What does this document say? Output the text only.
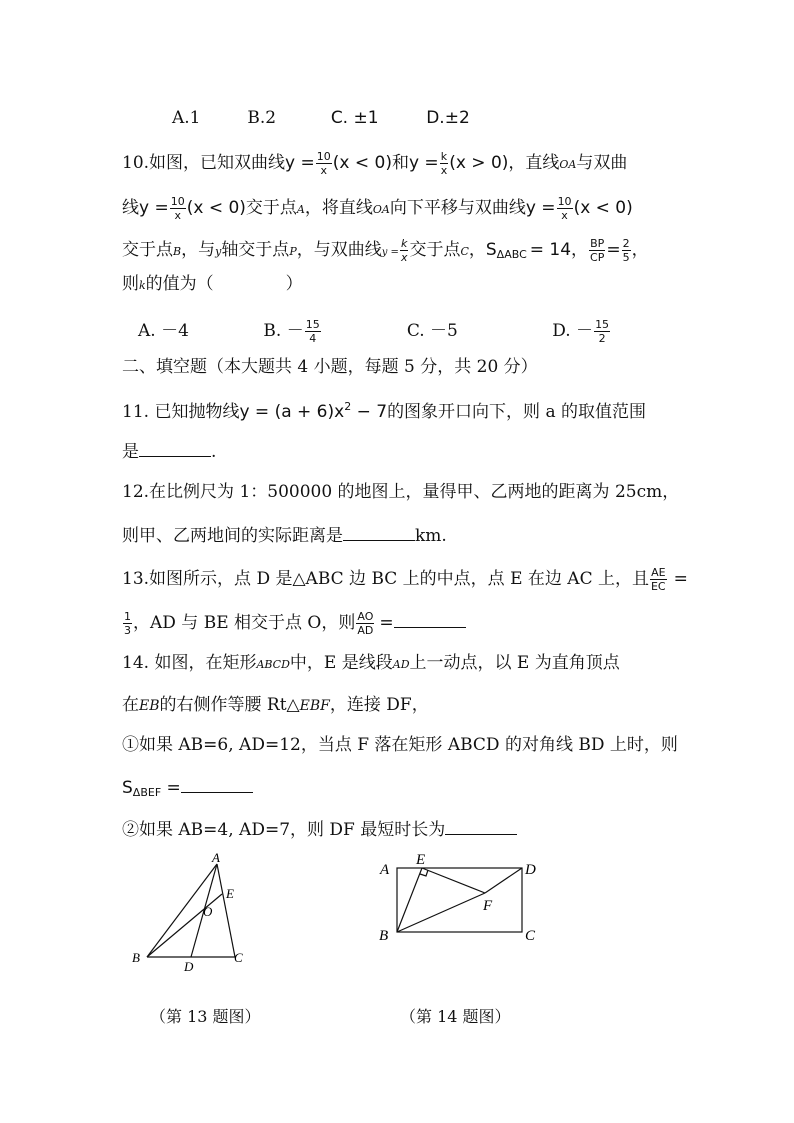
A.1	B.2	C. ±1	D.±2
10.如图，已知双曲线$y = \frac{10}{x} (x < 0)$和$y = \frac{k}{x} (x > 0)$，直线OA与双曲
线$y = \frac{10}{x} (x < 0)$交于点A，将直线OA向下平移与双曲线$y = \frac{10}{x} (x < 0)$
交于点B，与y轴交于点P，与双曲线$y = \frac{k}{x}$ 交于点C，$S_{\Delta ABC} = 14$， $\frac{BP}{CP} = \frac{2}{5}$ ，
则k的值为（	）
A. －4	B. － $\frac{15}{4}$	C. －5	D. － $\frac{15}{2}$
二、填空题（本大题共 4 小题，每题 5 分，共 20 分）
11. 已知抛物线$y = (a + 6)x^2 - 7$的图象开口向下，则 a 的取值范围
是	.
12.在比例尺为 1：500000 的地图上，量得甲、乙两地的距离为 25cm，
则甲、乙两地间的实际距离是	km.
13.如图所示，点 D 是△ABC 边 BC 上的中点，点 E 在边 AC 上，且 $\frac{AE}{EC}$ =
$\frac{1}{3}$ ，AD 与 BE 相交于点 O，则 $\frac{AO}{AD}$ =
14. 如图，在矩形ABCD中，E 是线段AD上一动点，以 E 为直角顶点
在EB的右侧作等腰 Rt△EBF，连接 DF，
①如果 AB=6, AD=12，当点 F 落在矩形 ABCD 的对角线 BD 上时，则
$S_{\Delta BEF}$ =
②如果 AB=4, AD=7，则 DF 最短时长为
A
B	C
D
E
O
（第 13 题图）
A
B	C
D
E
F
（第 14 题图）
